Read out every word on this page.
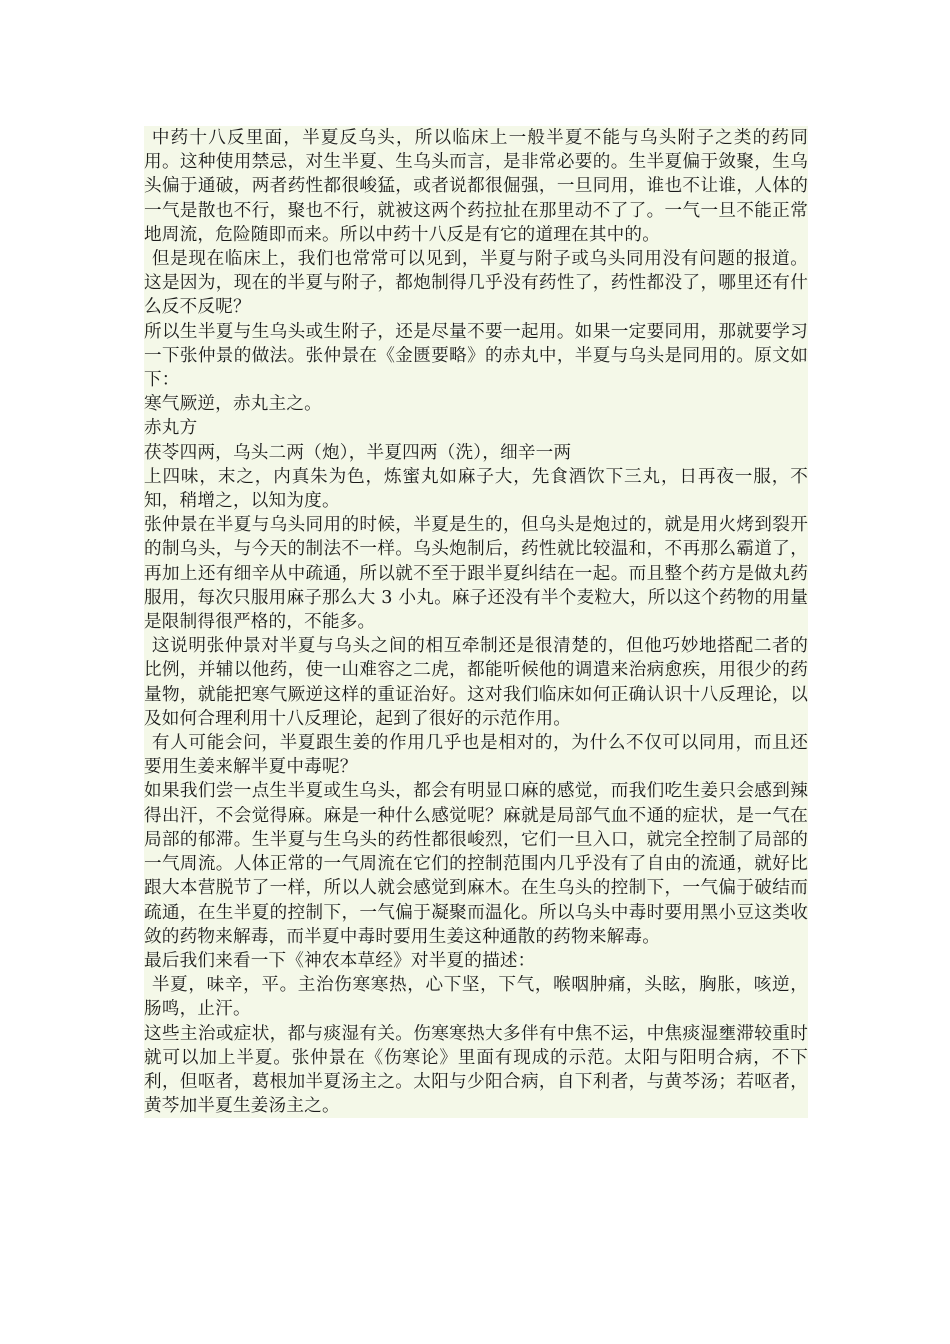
中药十八反里面，半夏反乌头，所以临床上一般半夏不能与乌头附子之类的药同用。这种使用禁忌，对生半夏、生乌头而言，是非常必要的。生半夏偏于敛聚，生乌头偏于通破，两者药性都很峻猛，或者说都很倔强，一旦同用，谁也不让谁，人体的一气是散也不行，聚也不行，就被这两个药拉扯在那里动不了了。一气一旦不能正常地周流，危险随即而来。所以中药十八反是有它的道理在其中的。

但是现在临床上，我们也常常可以见到，半夏与附子或乌头同用没有问题的报道。这是因为，现在的半夏与附子，都炮制得几乎没有药性了，药性都没了，哪里还有什么反不反呢？

所以生半夏与生乌头或生附子，还是尽量不要一起用。如果一定要同用，那就要学习一下张仲景的做法。张仲景在《金匮要略》的赤丸中，半夏与乌头是同用的。原文如下：

寒气厥逆，赤丸主之。

赤丸方

茯苓四两，乌头二两（炮），半夏四两（洗），细辛一两

上四味，末之，内真朱为色，炼蜜丸如麻子大，先食酒饮下三丸，日再夜一服，不知，稍增之，以知为度。

张仲景在半夏与乌头同用的时候，半夏是生的，但乌头是炮过的，就是用火烤到裂开的制乌头，与今天的制法不一样。乌头炮制后，药性就比较温和，不再那么霸道了，再加上还有细辛从中疏通，所以就不至于跟半夏纠结在一起。而且整个药方是做丸药服用，每次只服用麻子那么大 3 小丸。麻子还没有半个麦粒大，所以这个药物的用量是限制得很严格的，不能多。

这说明张仲景对半夏与乌头之间的相互牵制还是很清楚的，但他巧妙地搭配二者的比例，并辅以他药，使一山难容之二虎，都能听候他的调遣来治病愈疾，用很少的药量物，就能把寒气厥逆这样的重证治好。这对我们临床如何正确认识十八反理论，以及如何合理利用十八反理论，起到了很好的示范作用。

有人可能会问，半夏跟生姜的作用几乎也是相对的，为什么不仅可以同用，而且还要用生姜来解半夏中毒呢？

如果我们尝一点生半夏或生乌头，都会有明显口麻的感觉，而我们吃生姜只会感到辣得出汗，不会觉得麻。麻是一种什么感觉呢？麻就是局部气血不通的症状，是一气在局部的郁滞。生半夏与生乌头的药性都很峻烈，它们一旦入口，就完全控制了局部的一气周流。人体正常的一气周流在它们的控制范围内几乎没有了自由的流通，就好比跟大本营脱节了一样，所以人就会感觉到麻木。在生乌头的控制下，一气偏于破结而疏通，在生半夏的控制下，一气偏于凝聚而温化。所以乌头中毒时要用黑小豆这类收敛的药物来解毒，而半夏中毒时要用生姜这种通散的药物来解毒。

最后我们来看一下《神农本草经》对半夏的描述：

半夏，味辛，平。主治伤寒寒热，心下坚，下气，喉咽肿痛，头眩，胸胀，咳逆，肠鸣，止汗。

这些主治或症状，都与痰湿有关。伤寒寒热大多伴有中焦不运，中焦痰湿壅滞较重时就可以加上半夏。张仲景在《伤寒论》里面有现成的示范。太阳与阳明合病，不下利，但呕者，葛根加半夏汤主之。太阳与少阳合病，自下利者，与黄芩汤；若呕者，黄芩加半夏生姜汤主之。
